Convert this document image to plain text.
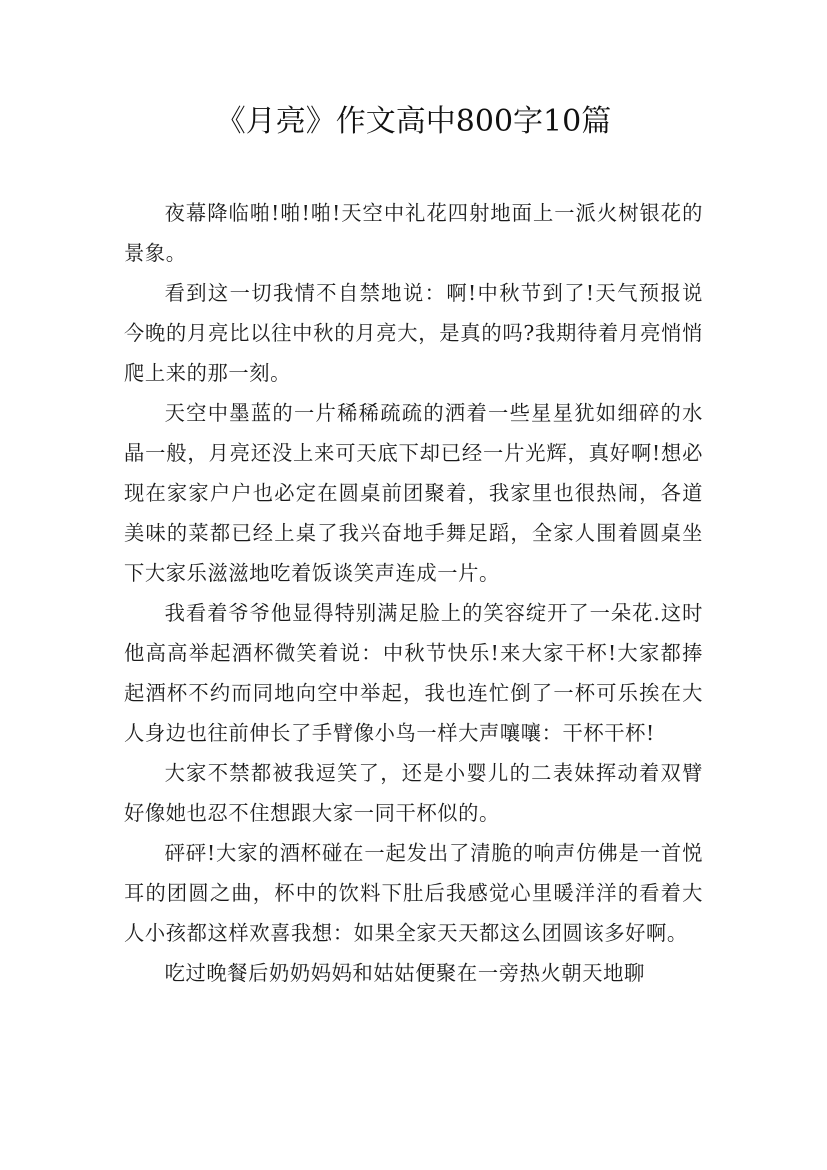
《月亮》作文高中800字10篇

夜幕降临啪!啪!啪!天空中礼花四射地面上一派火树银花的景象。

看到这一切我情不自禁地说：啊!中秋节到了!天气预报说今晚的月亮比以往中秋的月亮大，是真的吗?我期待着月亮悄悄爬上来的那一刻。

天空中墨蓝的一片稀稀疏疏的洒着一些星星犹如细碎的水晶一般，月亮还没上来可天底下却已经一片光辉，真好啊!想必现在家家户户也必定在圆桌前团聚着，我家里也很热闹，各道美味的菜都已经上桌了我兴奋地手舞足蹈，全家人围着圆桌坐下大家乐滋滋地吃着饭谈笑声连成一片。

我看着爷爷他显得特别满足脸上的笑容绽开了一朵花.这时他高高举起酒杯微笑着说：中秋节快乐!来大家干杯!大家都捧起酒杯不约而同地向空中举起，我也连忙倒了一杯可乐挨在大人身边也往前伸长了手臂像小鸟一样大声嚷嚷：干杯干杯!

大家不禁都被我逗笑了，还是小婴儿的二表妹挥动着双臂好像她也忍不住想跟大家一同干杯似的。

砰砰!大家的酒杯碰在一起发出了清脆的响声仿佛是一首悦耳的团圆之曲，杯中的饮料下肚后我感觉心里暖洋洋的看着大人小孩都这样欢喜我想：如果全家天天都这么团圆该多好啊。

吃过晚餐后奶奶妈妈和姑姑便聚在一旁热火朝天地聊
